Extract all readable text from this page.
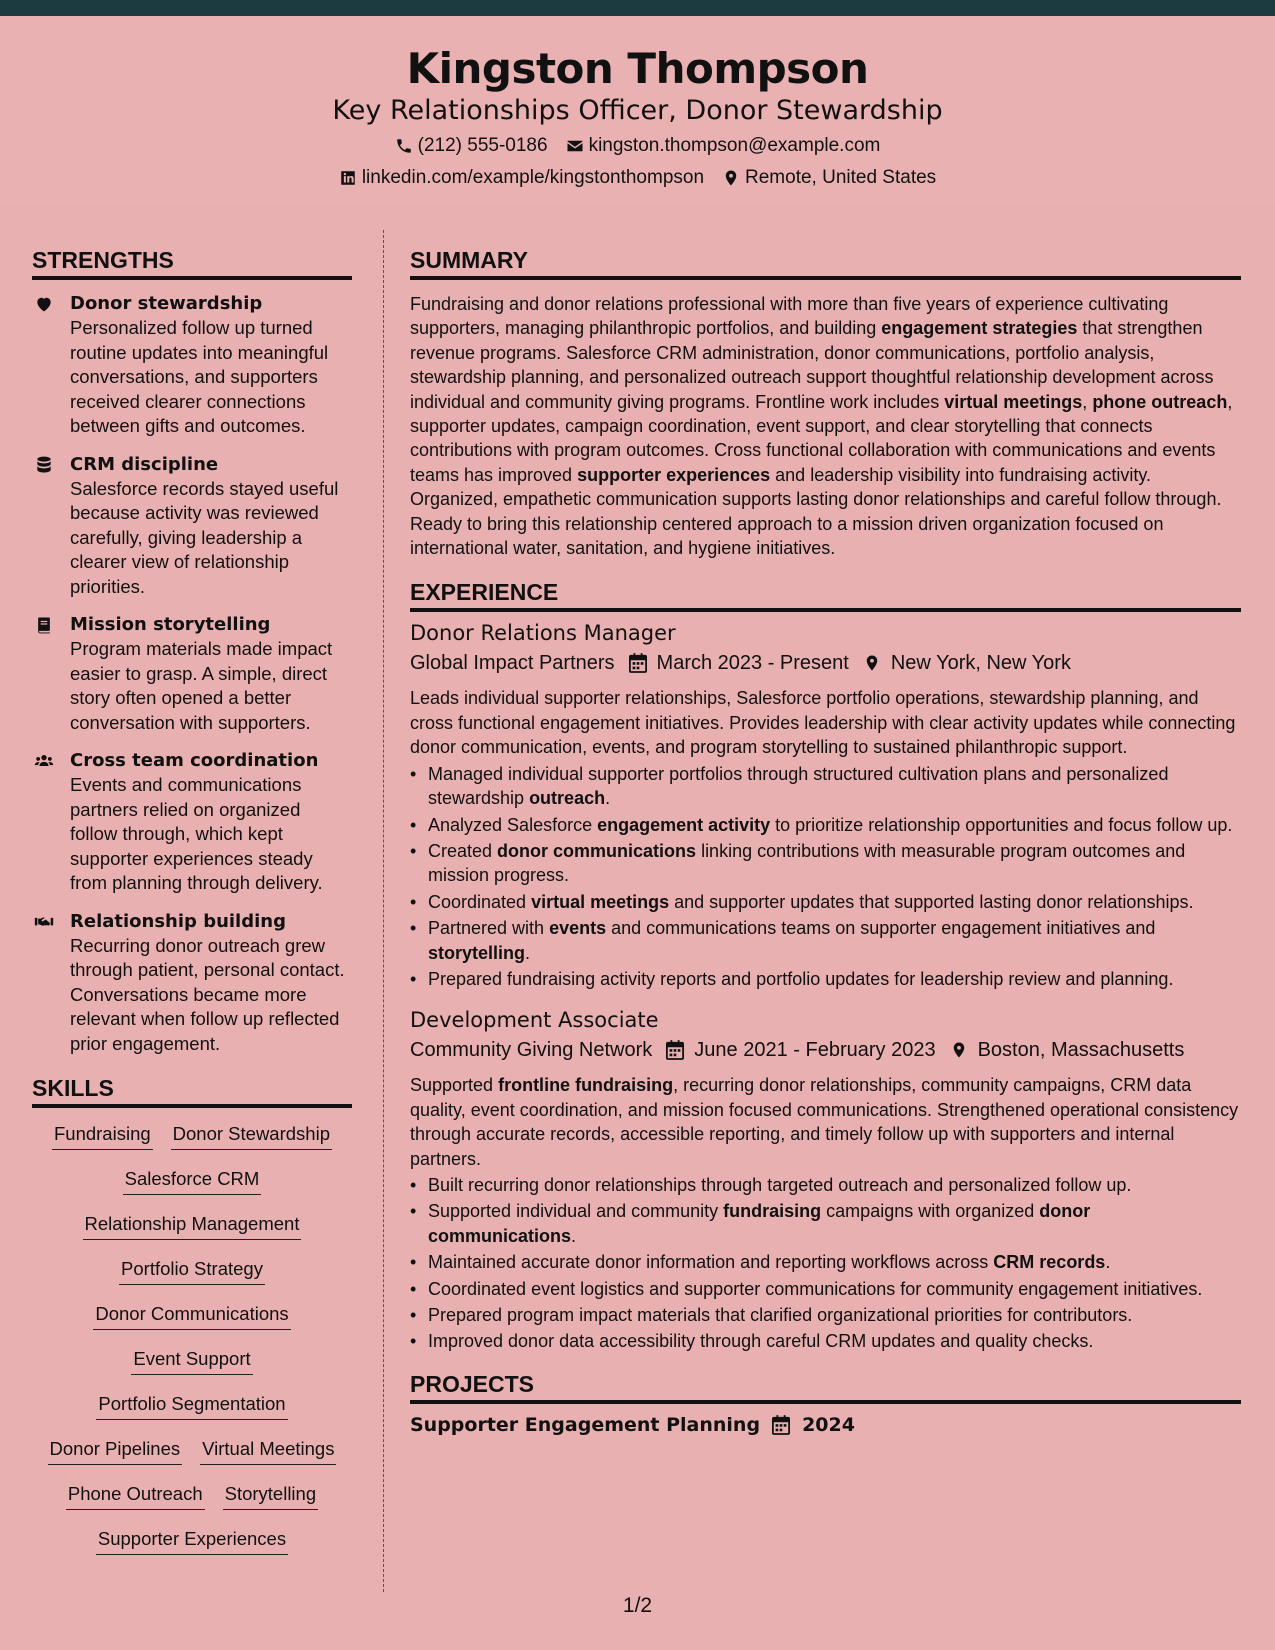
Kingston Thompson
Key Relationships Officer, Donor Stewardship
(212) 555-0186 kingston.thompson@example.com
linkedin.com/example/kingstonthompson Remote, United States
STRENGTHS
Donor stewardship
Personalized follow up turned routine updates into meaningful conversations, and supporters received clearer connections between gifts and outcomes.
CRM discipline
Salesforce records stayed useful because activity was reviewed carefully, giving leadership a clearer view of relationship priorities.
Mission storytelling
Program materials made impact easier to grasp. A simple, direct story often opened a better conversation with supporters.
Cross team coordination
Events and communications partners relied on organized follow through, which kept supporter experiences steady from planning through delivery.
Relationship building
Recurring donor outreach grew through patient, personal contact. Conversations became more relevant when follow up reflected prior engagement.
SKILLS
Fundraising Donor Stewardship
Salesforce CRM
Relationship Management
Portfolio Strategy
Donor Communications
Event Support
Portfolio Segmentation
Donor Pipelines Virtual Meetings
Phone Outreach Storytelling
Supporter Experiences
SUMMARY
Fundraising and donor relations professional with more than five years of experience cultivating supporters, managing philanthropic portfolios, and building engagement strategies that strengthen revenue programs. Salesforce CRM administration, donor communications, portfolio analysis, stewardship planning, and personalized outreach support thoughtful relationship development across individual and community giving programs. Frontline work includes virtual meetings, phone outreach, supporter updates, campaign coordination, event support, and clear storytelling that connects contributions with program outcomes. Cross functional collaboration with communications and events teams has improved supporter experiences and leadership visibility into fundraising activity. Organized, empathetic communication supports lasting donor relationships and careful follow through. Ready to bring this relationship centered approach to a mission driven organization focused on international water, sanitation, and hygiene initiatives.
EXPERIENCE
Donor Relations Manager
Global Impact Partners March 2023 - Present New York, New York
Leads individual supporter relationships, Salesforce portfolio operations, stewardship planning, and cross functional engagement initiatives. Provides leadership with clear activity updates while connecting donor communication, events, and program storytelling to sustained philanthropic support.
• Managed individual supporter portfolios through structured cultivation plans and personalized stewardship outreach.
• Analyzed Salesforce engagement activity to prioritize relationship opportunities and focus follow up.
• Created donor communications linking contributions with measurable program outcomes and mission progress.
• Coordinated virtual meetings and supporter updates that supported lasting donor relationships.
• Partnered with events and communications teams on supporter engagement initiatives and storytelling.
• Prepared fundraising activity reports and portfolio updates for leadership review and planning.
Development Associate
Community Giving Network June 2021 - February 2023 Boston, Massachusetts
Supported frontline fundraising, recurring donor relationships, community campaigns, CRM data quality, event coordination, and mission focused communications. Strengthened operational consistency through accurate records, accessible reporting, and timely follow up with supporters and internal partners.
• Built recurring donor relationships through targeted outreach and personalized follow up.
• Supported individual and community fundraising campaigns with organized donor communications.
• Maintained accurate donor information and reporting workflows across CRM records.
• Coordinated event logistics and supporter communications for community engagement initiatives.
• Prepared program impact materials that clarified organizational priorities for contributors.
• Improved donor data accessibility through careful CRM updates and quality checks.
PROJECTS
Supporter Engagement Planning 2024
1/2
